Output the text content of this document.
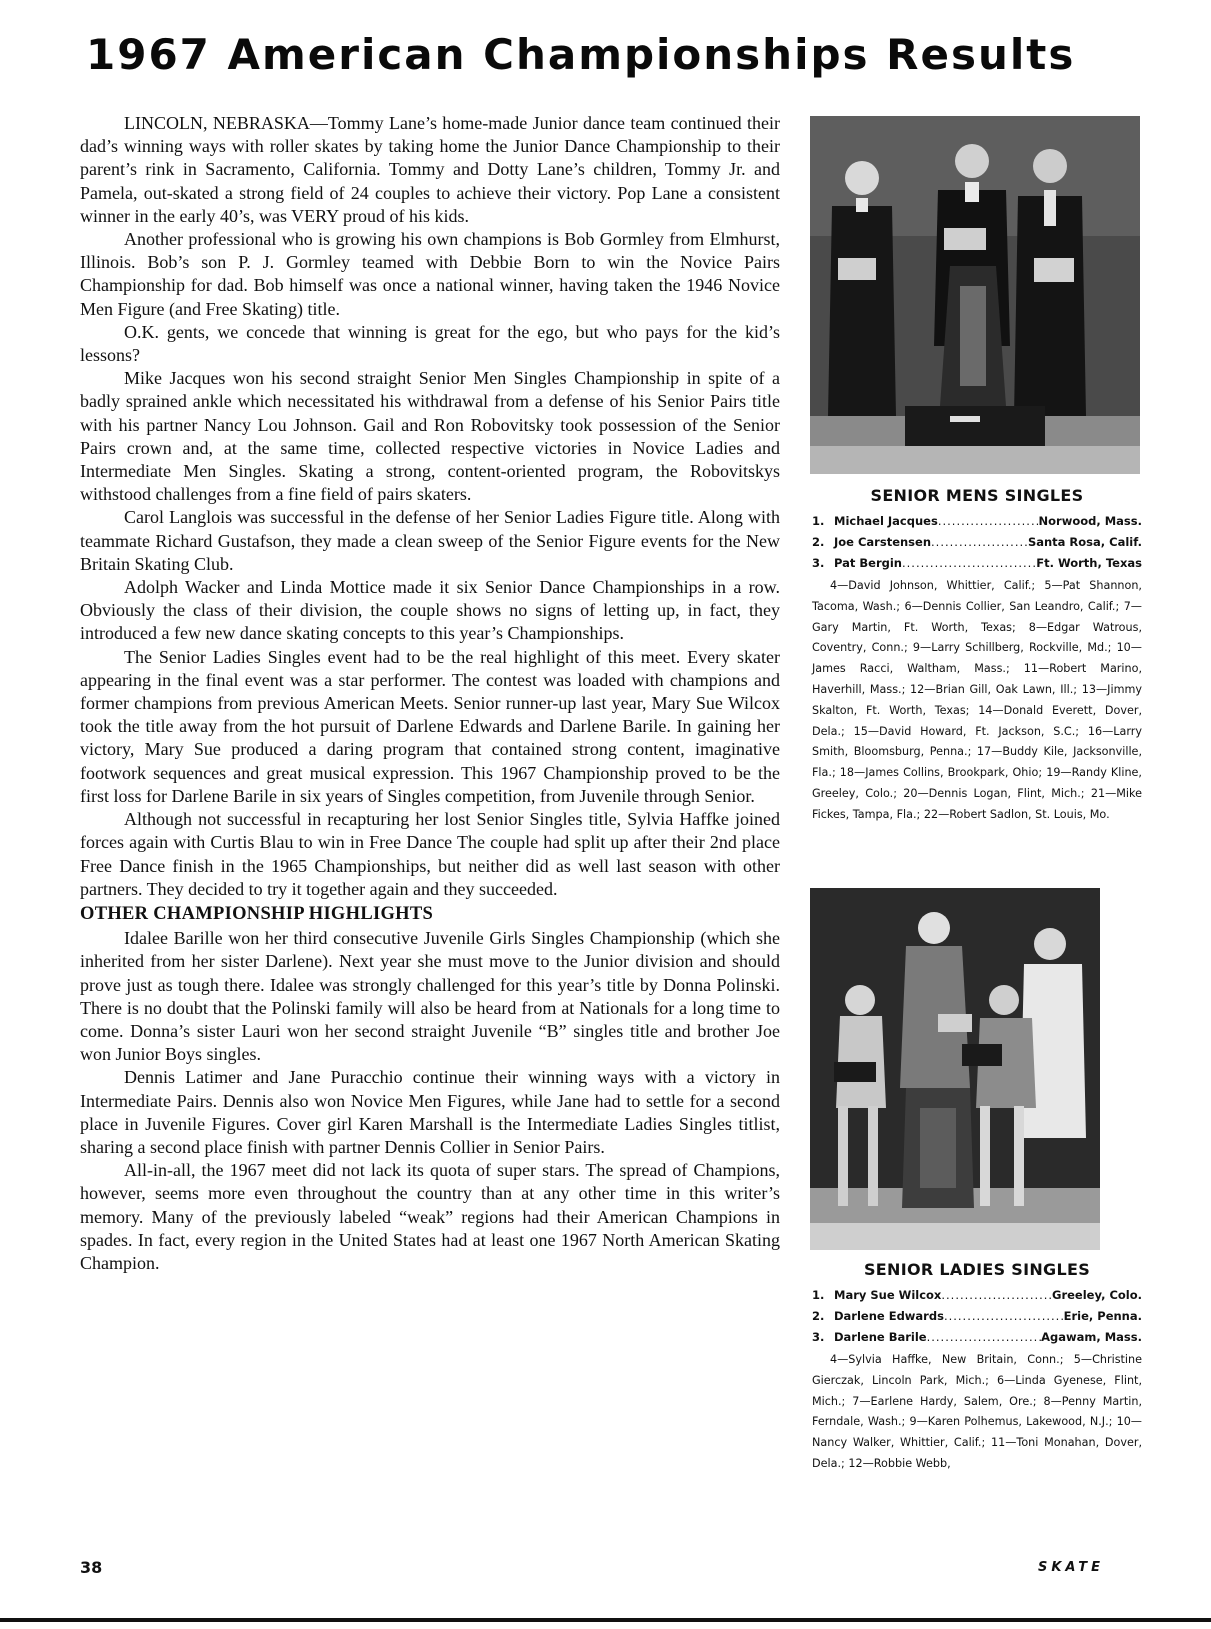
1967 American Championships Results

LINCOLN, NEBRASKA—Tommy Lane’s home-made Junior dance team continued their dad’s winning ways with roller skates by taking home the Junior Dance Championship to their parent’s rink in Sacramento, California. Tommy and Dotty Lane’s children, Tommy Jr. and Pamela, out-skated a strong field of 24 couples to achieve their victory. Pop Lane a consistent winner in the early 40’s, was VERY proud of his kids.

Another professional who is growing his own champions is Bob Gormley from Elmhurst, Illinois. Bob’s son P. J. Gormley teamed with Debbie Born to win the Novice Pairs Championship for dad. Bob himself was once a national winner, having taken the 1946 Novice Men Figure (and Free Skating) title.

O.K. gents, we concede that winning is great for the ego, but who pays for the kid’s lessons?

Mike Jacques won his second straight Senior Men Singles Championship in spite of a badly sprained ankle which necessitated his withdrawal from a defense of his Senior Pairs title with his partner Nancy Lou Johnson. Gail and Ron Robovitsky took possession of the Senior Pairs crown and, at the same time, collected respective victories in Novice Ladies and Intermediate Men Singles. Skating a strong, content-oriented program, the Robovitskys withstood challenges from a fine field of pairs skaters.

Carol Langlois was successful in the defense of her Senior Ladies Figure title. Along with teammate Richard Gustafson, they made a clean sweep of the Senior Figure events for the New Britain Skating Club.

Adolph Wacker and Linda Mottice made it six Senior Dance Championships in a row. Obviously the class of their division, the couple shows no signs of letting up, in fact, they introduced a few new dance skating concepts to this year’s Championships.

The Senior Ladies Singles event had to be the real highlight of this meet. Every skater appearing in the final event was a star performer. The contest was loaded with champions and former champions from previous American Meets. Senior runner-up last year, Mary Sue Wilcox took the title away from the hot pursuit of Darlene Edwards and Darlene Barile. In gaining her victory, Mary Sue produced a daring program that contained strong content, imaginative footwork sequences and great musical expression. This 1967 Championship proved to be the first loss for Darlene Barile in six years of Singles competition, from Juvenile through Senior.

Although not successful in recapturing her lost Senior Singles title, Sylvia Haffke joined forces again with Curtis Blau to win in Free Dance The couple had split up after their 2nd place Free Dance finish in the 1965 Championships, but neither did as well last season with other partners. They decided to try it together again and they succeeded.

OTHER CHAMPIONSHIP HIGHLIGHTS

Idalee Barille won her third consecutive Juvenile Girls Singles Championship (which she inherited from her sister Darlene). Next year she must move to the Junior division and should prove just as tough there. Idalee was strongly challenged for this year’s title by Donna Polinski. There is no doubt that the Polinski family will also be heard from at Nationals for a long time to come. Donna’s sister Lauri won her second straight Juvenile “B” singles title and brother Joe won Junior Boys singles.

Dennis Latimer and Jane Puracchio continue their winning ways with a victory in Intermediate Pairs. Dennis also won Novice Men Figures, while Jane had to settle for a second place in Juvenile Figures. Cover girl Karen Marshall is the Intermediate Ladies Singles titlist, sharing a second place finish with partner Dennis Collier in Senior Pairs.

All-in-all, the 1967 meet did not lack its quota of super stars. The spread of Champions, however, seems more even throughout the country than at any other time in this writer’s memory. Many of the previously labeled “weak” regions had their American Champions in spades. In fact, every region in the United States had at least one 1967 North American Skating Champion.

SENIOR MENS SINGLES
1. Michael Jacques .....	Norwood, Mass.
2. Joe Carstensen .....	Santa Rosa, Calif.
3. Pat Bergin .....	Ft. Worth, Texas
4—David Johnson, Whittier, Calif.; 5—Pat Shannon, Tacoma, Wash.; 6—Dennis Collier, San Leandro, Calif.; 7—Gary Martin, Ft. Worth, Texas; 8—Edgar Watrous, Coventry, Conn.; 9—Larry Schillberg, Rockville, Md.; 10—James Racci, Waltham, Mass.; 11—Robert Marino, Haverhill, Mass.; 12—Brian Gill, Oak Lawn, Ill.; 13—Jimmy Skalton, Ft. Worth, Texas; 14—Donald Everett, Dover, Dela.; 15—David Howard, Ft. Jackson, S.C.; 16—Larry Smith, Bloomsburg, Penna.; 17—Buddy Kile, Jacksonville, Fla.; 18—James Collins, Brookpark, Ohio; 19—Randy Kline, Greeley, Colo.; 20—Dennis Logan, Flint, Mich.; 21—Mike Fickes, Tampa, Fla.; 22—Robert Sadlon, St. Louis, Mo.
SENIOR LADIES SINGLES
1. Mary Sue Wilcox .....	Greeley, Colo.
2. Darlene Edwards .....	Erie, Penna.
3. Darlene Barile .....	Agawam, Mass.
4—Sylvia Haffke, New Britain, Conn.; 5—Christine Gierczak, Lincoln Park, Mich.; 6—Linda Gyenese, Flint, Mich.; 7—Earlene Hardy, Salem, Ore.; 8—Penny Martin, Ferndale, Wash.; 9—Karen Polhemus, Lakewood, N.J.; 10—Nancy Walker, Whittier, Calif.; 11—Toni Monahan, Dover, Dela.; 12—Robbie Webb,
38	SKATE
